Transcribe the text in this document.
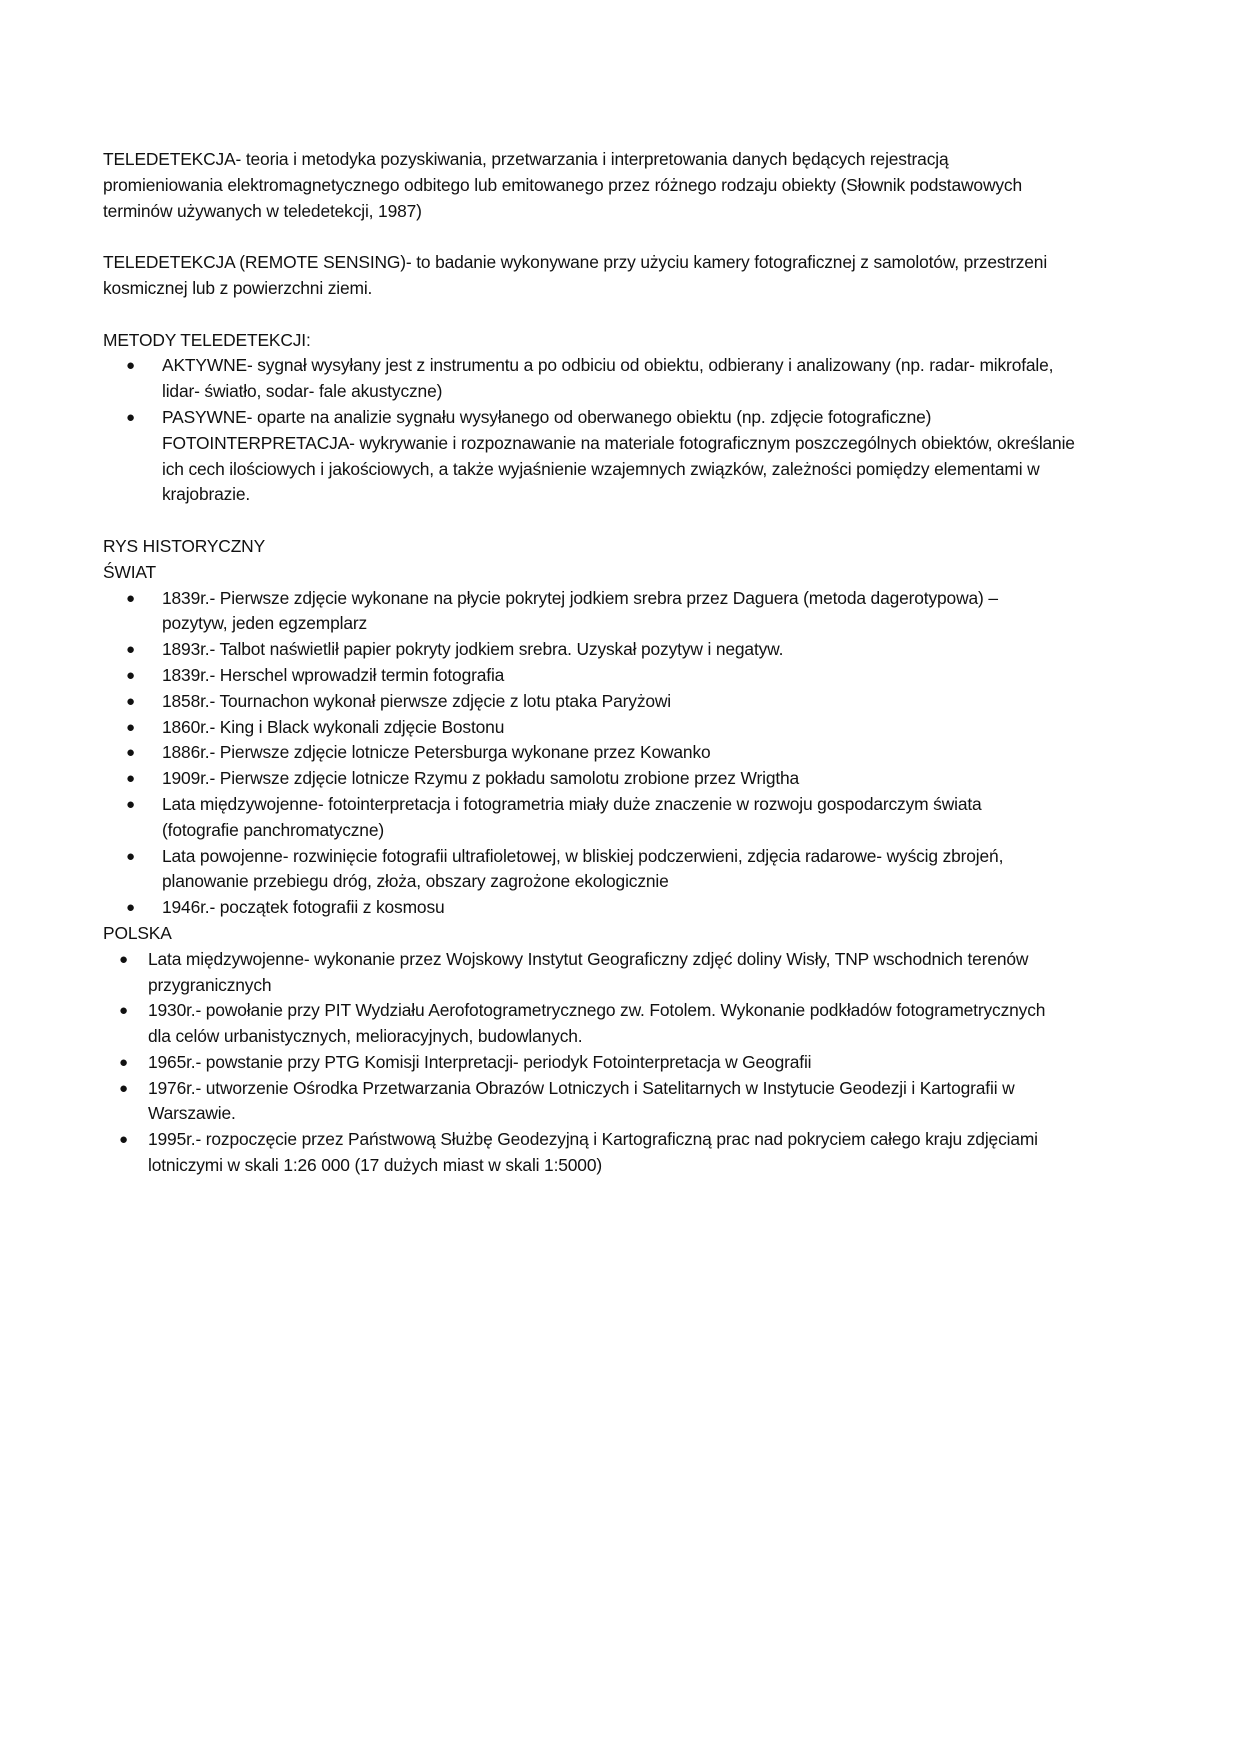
TELEDETEKCJA- teoria i metodyka pozyskiwania, przetwarzania i interpretowania danych będących rejestracją
promieniowania elektromagnetycznego odbitego lub emitowanego przez różnego rodzaju obiekty (Słownik podstawowych
terminów używanych w teledetekcji, 1987)

TELEDETEKCJA (REMOTE SENSING)- to badanie wykonywane przy użyciu kamery fotograficznej z samolotów, przestrzeni
kosmicznej lub z powierzchni ziemi.

METODY TELEDETEKCJI:

● AKTYWNE- sygnał wysyłany jest z instrumentu a po odbiciu od obiektu, odbierany i analizowany (np. radar- mikrofale,
lidar- światło, sodar- fale akustyczne)
● PASYWNE- oparte na analizie sygnału wysyłanego od oberwanego obiektu (np. zdjęcie fotograficzne)
FOTOINTERPRETACJA- wykrywanie i rozpoznawanie na materiale fotograficznym poszczególnych obiektów, określanie
ich cech ilościowych i jakościowych, a także wyjaśnienie wzajemnych związków, zależności pomiędzy elementami w
krajobrazie.

RYS HISTORYCZNY

ŚWIAT

● 1839r.- Pierwsze zdjęcie wykonane na płycie pokrytej jodkiem srebra przez Daguera (metoda dagerotypowa) –
pozytyw, jeden egzemplarz
● 1893r.- Talbot naświetlił papier pokryty jodkiem srebra. Uzyskał pozytyw i negatyw.
● 1839r.- Herschel wprowadził termin fotografia
● 1858r.- Tournachon wykonał pierwsze zdjęcie z lotu ptaka Paryżowi
● 1860r.- King i Black wykonali zdjęcie Bostonu
● 1886r.- Pierwsze zdjęcie lotnicze Petersburga wykonane przez Kowanko
● 1909r.- Pierwsze zdjęcie lotnicze Rzymu z pokładu samolotu zrobione przez Wrigtha
● Lata międzywojenne- fotointerpretacja i fotogrametria miały duże znaczenie w rozwoju gospodarczym świata
(fotografie panchromatyczne)
● Lata powojenne- rozwinięcie fotografii ultrafioletowej, w bliskiej podczerwieni, zdjęcia radarowe- wyścig zbrojeń,
planowanie przebiegu dróg, złoża, obszary zagrożone ekologicznie
● 1946r.- początek fotografii z kosmosu

POLSKA

● Lata międzywojenne- wykonanie przez Wojskowy Instytut Geograficzny zdjęć doliny Wisły, TNP wschodnich terenów
przygranicznych
● 1930r.- powołanie przy PIT Wydziału Aerofotogrametrycznego zw. Fotolem. Wykonanie podkładów fotogrametrycznych
dla celów urbanistycznych, melioracyjnych, budowlanych.
● 1965r.- powstanie przy PTG Komisji Interpretacji- periodyk Fotointerpretacja w Geografii
● 1976r.- utworzenie Ośrodka Przetwarzania Obrazów Lotniczych i Satelitarnych w Instytucie Geodezji i Kartografii w
Warszawie.
● 1995r.- rozpoczęcie przez Państwową Służbę Geodezyjną i Kartograficzną prac nad pokryciem całego kraju zdjęciami
lotniczymi w skali 1:26 000 (17 dużych miast w skali 1:5000)
